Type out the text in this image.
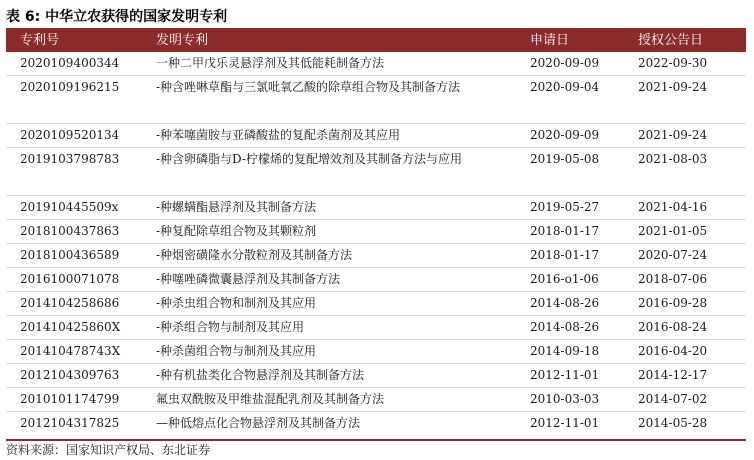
表 6: 中华立农获得的国家发明专利
专利号	发明专利	申请日	授权公告日
2020109400344	一种二甲戊乐灵悬浮剂及其低能耗制备方法	2020-09-09	2022-09-30
2020109196215	-种含唑啉草酯与三氯吡氧乙酸的除草组合物及其制备方法	2020-09-04	2021-09-24
2020109520134	-种苯噻菌胺与亚磷酸盐的复配杀菌剂及其应用	2020-09-09	2021-09-24
2019103798783	-种含卵磷脂与D-柠檬烯的复配增效剂及其制备方法与应用	2019-05-08	2021-08-03
201910445509x	-种螺螨酯悬浮剂及其制备方法	2019-05-27	2021-04-16
2018100437863	-种复配除草组合物及其颗粒剂	2018-01-17	2021-01-05
2018100436589	-种烟密磺隆水分散粒剂及其制备方法	2018-01-17	2020-07-24
2016100071078	-种噻唑磷微囊悬浮剂及其制备方法	2016-o1-06	2018-07-06
2014104258686	-种杀虫组合物和制剂及其应用	2014-08-26	2016-09-28
201410425860X	-种杀组合物与制剂及其应用	2014-08-26	2016-08-24
201410478743X	-种杀菌组合物与制剂及其应用	2014-09-18	2016-04-20
2012104309763	-种有机盐类化合物悬浮剂及其制备方法	2012-11-01	2014-12-17
2010101174799	氟虫双酰胺及甲维盐混配乳剂及其制备方法	2010-03-03	2014-07-02
2012104317825	—种低熔点化合物悬浮剂及其制备方法	2012-11-01	2014-05-28
资料来源：国家知识产权局、东北证券
